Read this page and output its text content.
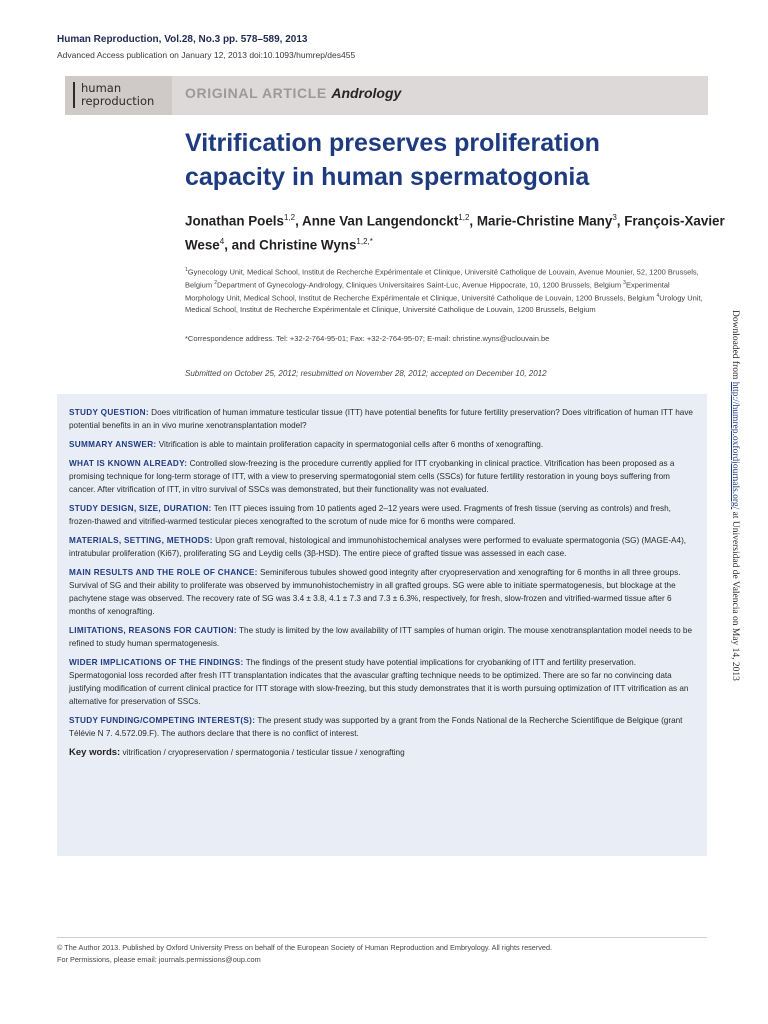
Human Reproduction, Vol.28, No.3 pp. 578–589, 2013
Advanced Access publication on January 12, 2013 doi:10.1093/humrep/des455
human
reproduction ORIGINAL ARTICLE Andrology
Vitrification preserves proliferation capacity in human spermatogonia
Jonathan Poels$^{1,2}$, Anne Van Langendonckt$^{1,2}$, Marie-Christine Many$^3$, François-Xavier Wese$^4$, and Christine Wyns$^{1,2,*}$
$^1$Gynecology Unit, Medical School, Institut de Recherche Expérimentale et Clinique, Université Catholique de Louvain, Avenue Mounier, 52, 1200 Brussels, Belgium $^2$Department of Gynecology-Andrology, Cliniques Universitaires Saint-Luc, Avenue Hippocrate, 10, 1200 Brussels, Belgium $^3$Experimental Morphology Unit, Medical School, Institut de Recherche Expérimentale et Clinique, Université Catholique de Louvain, 1200 Brussels, Belgium $^4$Urology Unit, Medical School, Institut de Recherche Expérimentale et Clinique, Université Catholique de Louvain, 1200 Brussels, Belgium
*Correspondence address. Tel: +32-2-764-95-01; Fax: +32-2-764-95-07; E-mail: christine.wyns@uclouvain.be
Submitted on October 25, 2012; resubmitted on November 28, 2012; accepted on December 10, 2012

STUDY QUESTION: Does vitrification of human immature testicular tissue (ITT) have potential benefits for future fertility preservation? Does vitrification of human ITT have potential benefits in an in vivo murine xenotransplantation model?

SUMMARY ANSWER: Vitrification is able to maintain proliferation capacity in spermatogonial cells after 6 months of xenografting.

WHAT IS KNOWN ALREADY: Controlled slow-freezing is the procedure currently applied for ITT cryobanking in clinical practice. Vitrification has been proposed as a promising technique for long-term storage of ITT, with a view to preserving spermatogonial stem cells (SSCs) for future fertility restoration in young boys suffering from cancer. After vitrification of ITT, in vitro survival of SSCs was demonstrated, but their functionality was not evaluated.

STUDY DESIGN, SIZE, DURATION: Ten ITT pieces issuing from 10 patients aged 2–12 years were used. Fragments of fresh tissue (serving as controls) and fresh, frozen-thawed and vitrified-warmed testicular pieces xenografted to the scrotum of nude mice for 6 months were compared.

MATERIALS, SETTING, METHODS: Upon graft removal, histological and immunohistochemical analyses were performed to evaluate spermatogonia (SG) (MAGE-A4), intratubular proliferation (Ki67), proliferating SG and Leydig cells (3β-HSD). The entire piece of grafted tissue was assessed in each case.

MAIN RESULTS AND THE ROLE OF CHANCE: Seminiferous tubules showed good integrity after cryopreservation and xenografting for 6 months in all three groups. Survival of SG and their ability to proliferate was observed by immunohistochemistry in all grafted groups. SG were able to initiate spermatogenesis, but blockage at the pachytene stage was observed. The recovery rate of SG was 3.4 ± 3.8, 4.1 ± 7.3 and 7.3 ± 6.3%, respectively, for fresh, slow-frozen and vitrified-warmed tissue after 6 months of xenografting.

LIMITATIONS, REASONS FOR CAUTION: The study is limited by the low availability of ITT samples of human origin. The mouse xenotransplantation model needs to be refined to study human spermatogenesis.

WIDER IMPLICATIONS OF THE FINDINGS: The findings of the present study have potential implications for cryobanking of ITT and fertility preservation. Spermatogonial loss recorded after fresh ITT transplantation indicates that the avascular grafting technique needs to be optimized. There are so far no convincing data justifying modification of current clinical practice for ITT storage with slow-freezing, but this study demonstrates that it is worth pursuing optimization of ITT vitrification as an alternative for preservation of SSCs.

STUDY FUNDING/COMPETING INTEREST(S): The present study was supported by a grant from the Fonds National de la Recherche Scientifique de Belgique (grant Télévie N 7. 4.572.09.F). The authors declare that there is no conflict of interest.

Key words: vitrification / cryopreservation / spermatogonia / testicular tissue / xenografting
Downloaded from http://humrep.oxfordjournals.org/ at Universidad de Valencia on May 14, 2013
© The Author 2013. Published by Oxford University Press on behalf of the European Society of Human Reproduction and Embryology. All rights reserved.
For Permissions, please email: journals.permissions@oup.com
